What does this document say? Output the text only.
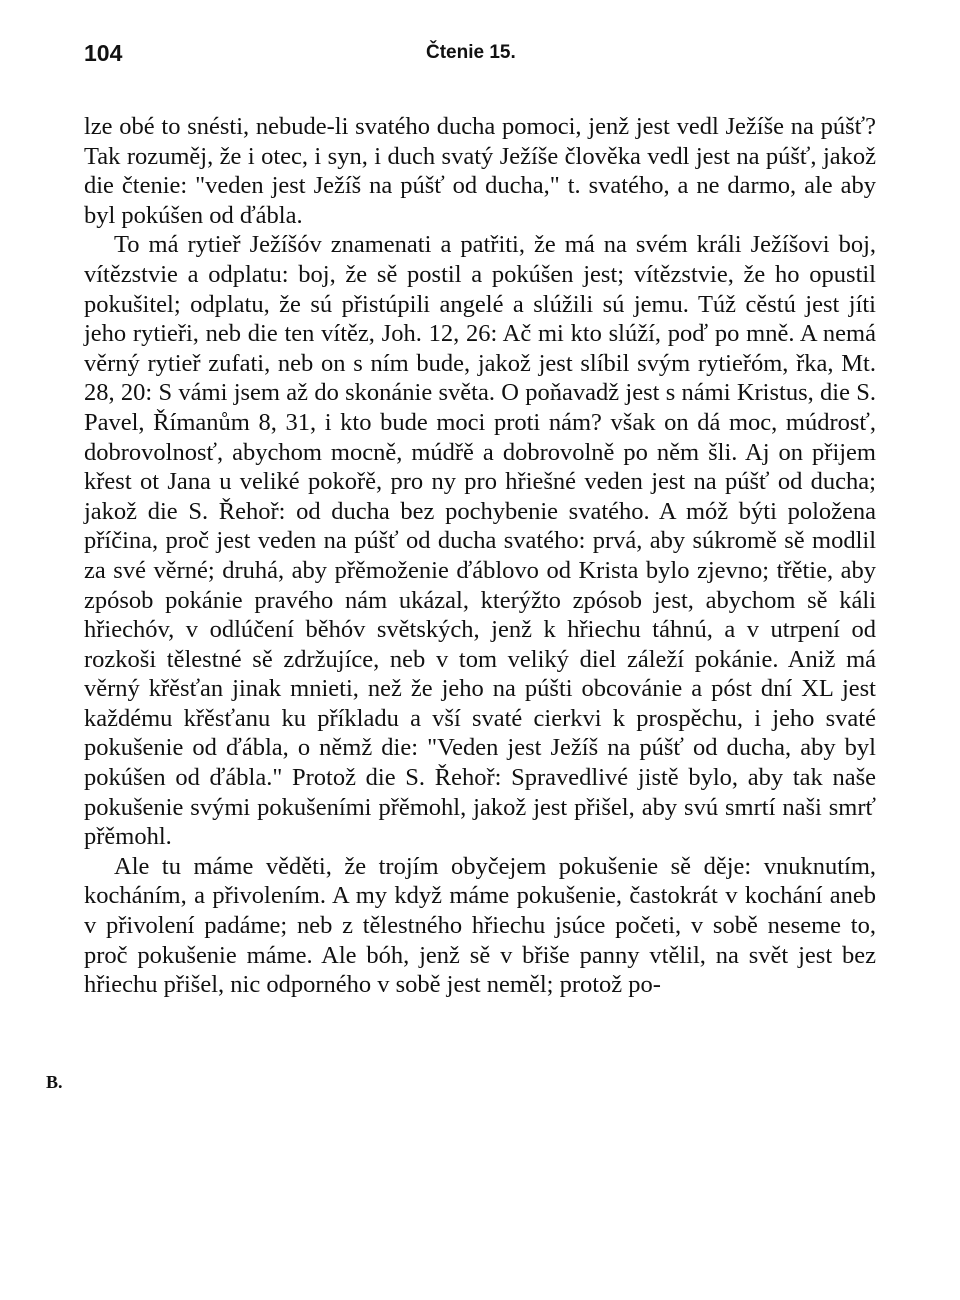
104	Čtenie 15.
B.

lze obé to snésti, nebude-li svatého ducha pomoci, jenž jest vedl Ježíše na púšť? Tak rozuměj, že i otec, i syn, i duch svatý Ježíše člověka vedl jest na púšť, jakož die čtenie: "veden jest Ježíš na púšť od ducha," t. svatého, a ne darmo, ale aby byl pokúšen od ďábla.

To má rytieř Ježíšóv znamenati a patřiti, že má na svém králi Ježíšovi boj, vítězstvie a odplatu: boj, že sě postil a pokúšen jest; vítězstvie, že ho opustil pokušitel; odplatu, že sú přistúpili angelé a slúžili sú jemu. Túž cěstú jest jíti jeho rytieři, neb die ten vítěz, Joh. 12, 26: Ač mi kto slúží, poď po mně. A nemá věrný rytieř zufati, neb on s ním bude, jakož jest slíbil svým rytieřóm, řka, Mt. 28, 20: S vámi jsem až do skonánie světa. O poňavadž jest s námi Kristus, die S. Pavel, Římanům 8, 31, i kto bude moci proti nám? však on dá moc, múdrosť, dobrovolnosť, abychom mocně, múdřě a dobrovolně po něm šli. Aj on přijem křest ot Jana u veliké pokořě, pro ny pro hřiešné veden jest na púšť od ducha; jakož die S. Řehoř: od ducha bez pochybenie svatého. A móž býti položena příčina, proč jest veden na púšť od ducha svatého: prvá, aby súkromě sě modlil za své věrné; druhá, aby přěmoženie ďáblovo od Krista bylo zjevno; třětie, aby zpósob pokánie pravého nám ukázal, kterýžto zpósob jest, abychom sě káli hřiechóv, v odlúčení běhóv světských, jenž k hřiechu táhnú, a v utrpení od rozkoši tělestné sě zdržujíce, neb v tom veliký diel záleží pokánie. Aniž má věrný křěsťan jinak mnieti, než že jeho na púšti obcovánie a póst dní XL jest každému křěsťanu ku příkladu a vší svaté cierkvi k prospěchu, i jeho svaté pokušenie od ďábla, o němž die: "Veden jest Ježíš na púšť od ducha, aby byl pokúšen od ďábla." Protož die S. Řehoř: Spravedlivé jistě bylo, aby tak naše pokušenie svými pokušeními přěmohl, jakož jest přišel, aby svú smrtí naši smrť přěmohl.

Ale tu máme věděti, že trojím obyčejem pokušenie sě děje: vnuknutím, kocháním, a přivolením. A my když máme pokušenie, častokrát v kochání aneb v přivolení padáme; neb z tělestného hřiechu jsúce početi, v sobě neseme to, proč pokušenie máme. Ale bóh, jenž sě v břiše panny vtělil, na svět jest bez hřiechu přišel, nic odporného v sobě jest neměl; protož po-
